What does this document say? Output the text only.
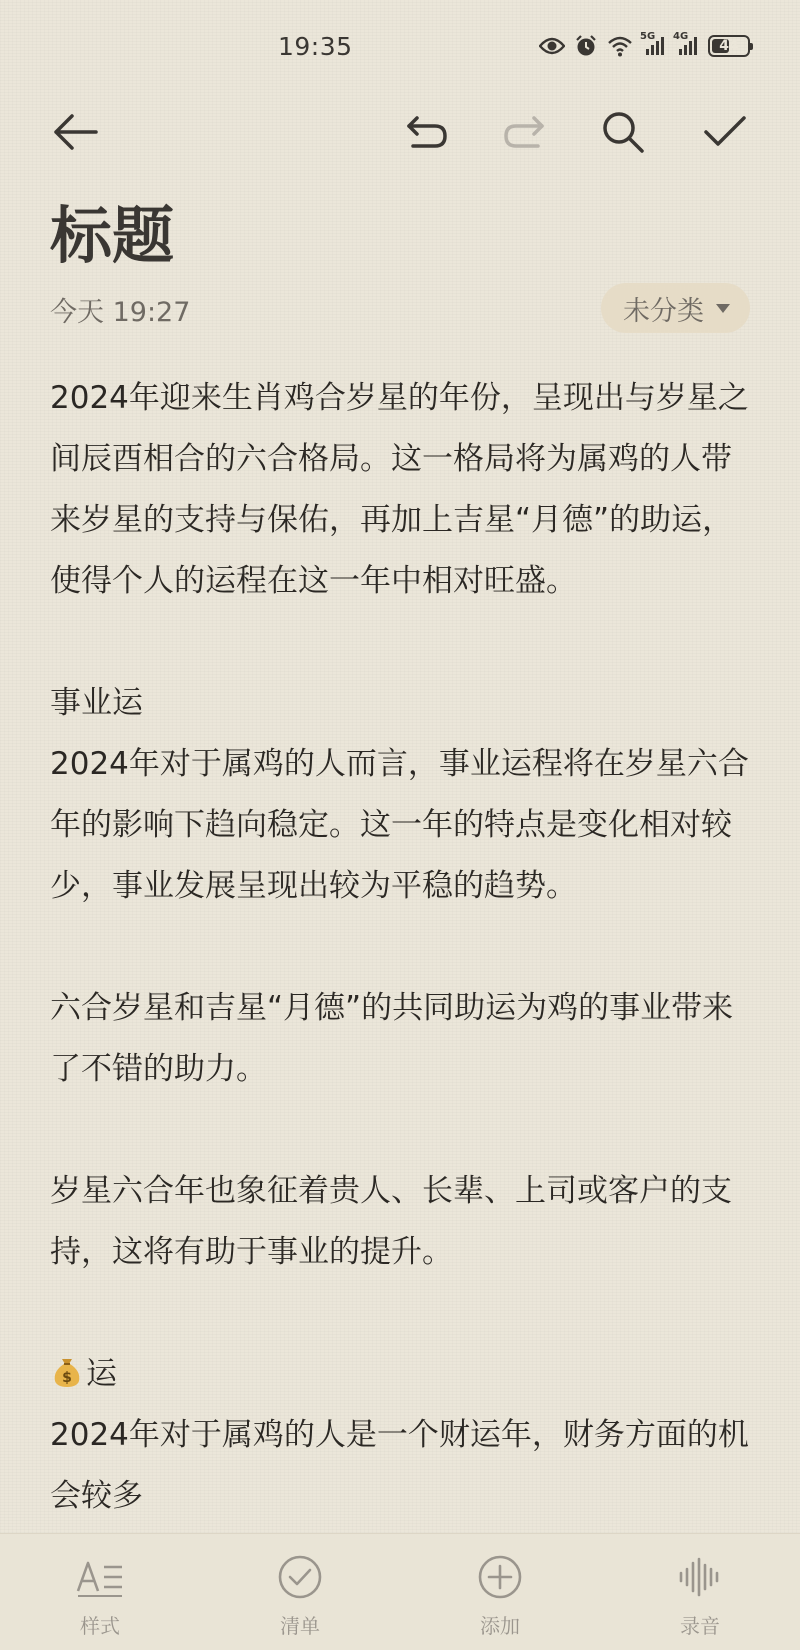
19:35	5G 4G
44
标题
今天 19:27	未分类

2024年迎来生肖鸡合岁星的年份，呈现出与岁星之间辰酉相合的六合格局。这一格局将为属鸡的人带来岁星的支持与保佑，再加上吉星“月德”的助运，使得个人的运程在这一年中相对旺盛。

事业运

2024年对于属鸡的人而言，事业运程将在岁星六合年的影响下趋向稳定。这一年的特点是变化相对较少，事业发展呈现出较为平稳的趋势。

六合岁星和吉星“月德”的共同助运为鸡的事业带来了不错的助力。

岁星六合年也象征着贵人、长辈、上司或客户的支持，这将有助于事业的提升。

$ 运

2024年对于属鸡的人是一个财运年，财务方面的机会较多

样式	清单	添加	录音
